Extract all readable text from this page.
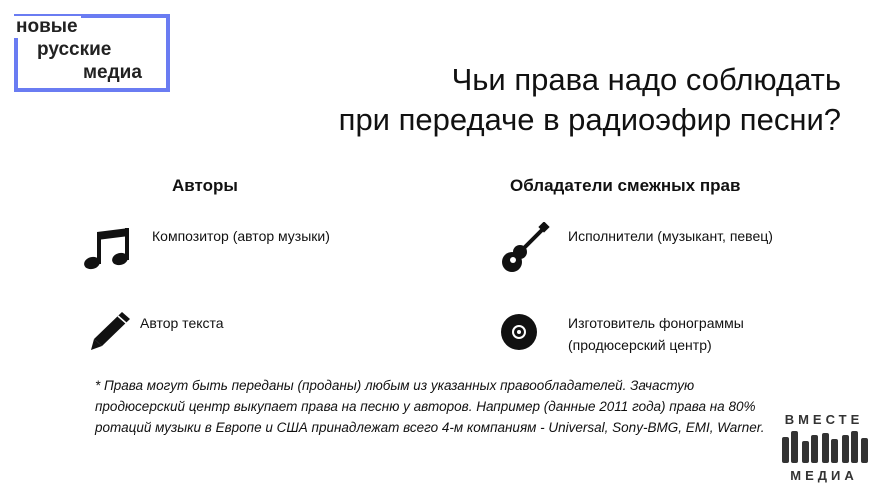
новые
русские
медиа	Чьи права надо соблюдать
при передаче в радиоэфир песни?
Авторы	Обладатели смежных прав
Композитор (автор музыки)
Автор текста
Исполнители (музыкант, певец)
Изготовитель фонограммы
(продюсерский центр)
* Права могут быть переданы (проданы) любым из указанных правообладателей. Зачастую продюсерский центр выкупает права на песню у авторов. Например (данные 2011 года) права на 80% ротаций музыки в Европе и США принадлежат всего 4-м компаниям - Universal, Sony-BMG, EMI, Warner.
ВМЕСТЕ
МЕДИА
